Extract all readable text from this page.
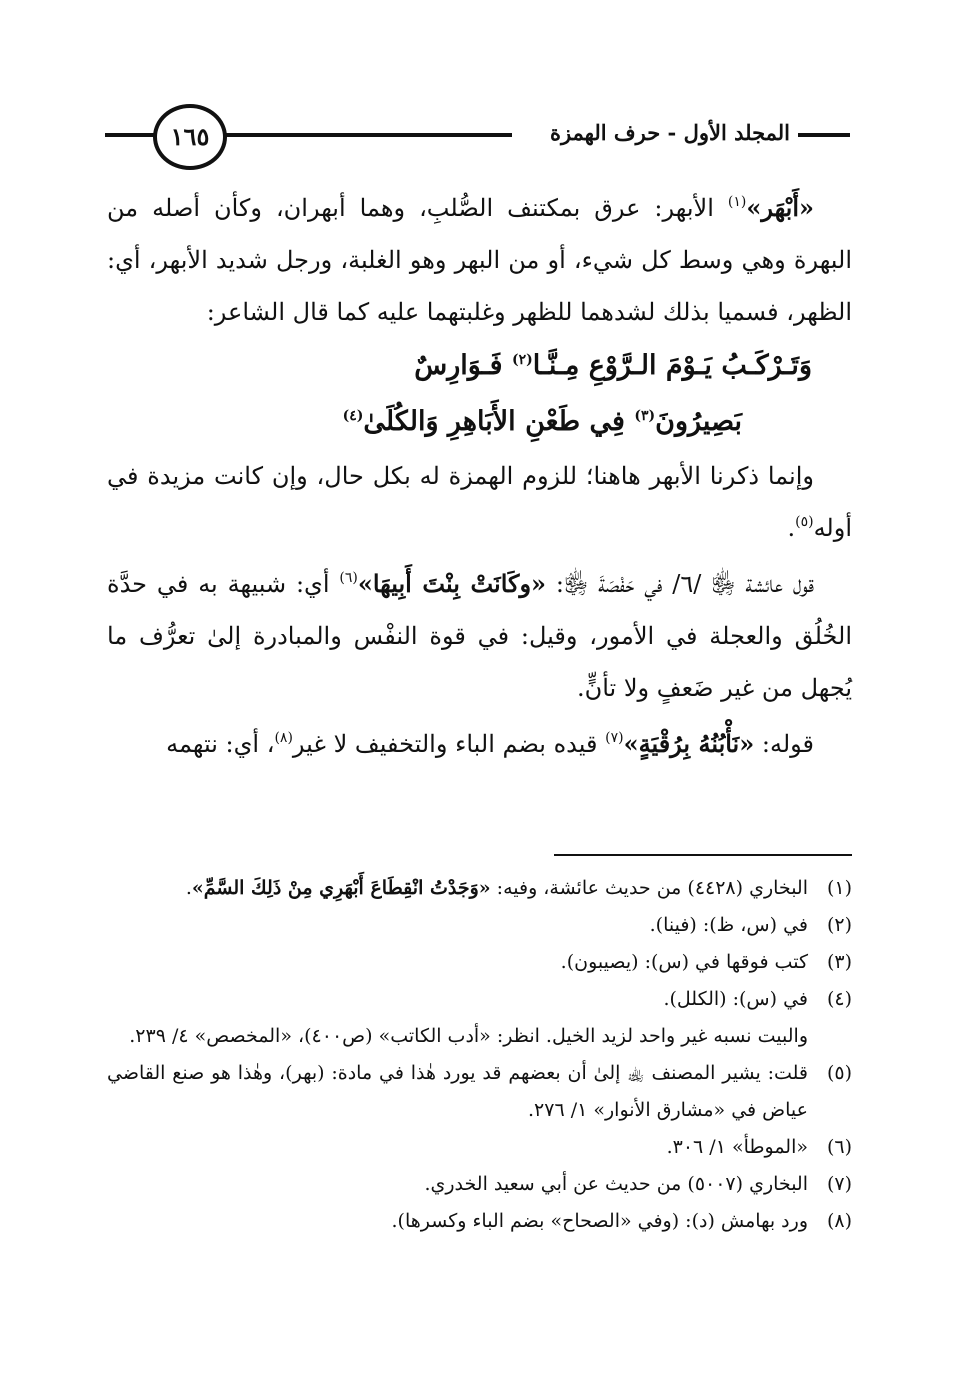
المجلد الأول - حرف الهمزة
١٦٥

«أَبْهَر»$^{(١)}$ الأبهر: عرق بمكتنف الصُّلبِ، وهما أبهران، وكأن أصله من البهرة وهي وسط كل شيء، أو من البهر وهو الغلبة، ورجل شديد الأبهر، أي: الظهر، فسميا بذلك لشدهما للظهر وغلبتهما عليه كما قال الشاعر:

وَتَـرْكَـبُ يَـوْمَ الـرَّوْعِ مِـنَّـا$^{(٢)}$ فَـوَارِسٌ
بَصِيرُونَ$^{(٣)}$ فِي طَعْنِ الأَبَاهِرِ وَالكُلَىٰ$^{(٤)}$

وإنما ذكرنا الأبهر هاهنا؛ للزوم الهمزة له بكل حال، وإن كانت مزيدة في أوله$^{(٥)}$.

قول عائشة ﵂ /٦/ في حَفْصَةَ ﵂: «وكَانَتْ بِنْتَ أَبِيهَا»$^{(٦)}$ أي: شبيهة به في حدَّة الخُلُق والعجلة في الأمور، وقيل: في قوة النفْس والمبادرة إلىٰ تعرُّف ما يُجهل من غير ضَعفٍ ولا تأنٍّ.

قوله: «نَأْبُنُهُ بِرُقْيَةٍ»$^{(٧)}$ قيده بضم الباء والتخفيف لا غير$^{(٨)}$، أي: نتهمه

(١)
البخاري (٤٤٢٨) من حديث عائشة، وفيه: «وَجَدْتُ انْقِطَاعَ أَبْهَرِي مِنْ ذَلِكَ السَّمِّ».
(٢)
في (س، ظ): (فينا).
(٣)
كتب فوقها في (س): (يصيبون).
(٤)
في (س): (الكلل).
والبيت نسبه غير واحد لزيد الخيل. انظر: «أدب الكاتب» (ص٤٠٠)، «المخصص» ٤/ ٢٣٩.
(٥)
قلت: يشير المصنف ﵀ إلىٰ أن بعضهم قد يورد هٰذا في مادة: (بهر)، وهٰذا هو صنع القاضي عياض في «مشارق الأنوار» ١/ ٢٧٦.
(٦)
«الموطأ» ١/ ٣٠٦.
(٧)
البخاري (٥٠٠٧) من حديث عن أبي سعيد الخدري.
(٨)
ورد بهامش (د): (وفي «الصحاح» بضم الباء وكسرها).
